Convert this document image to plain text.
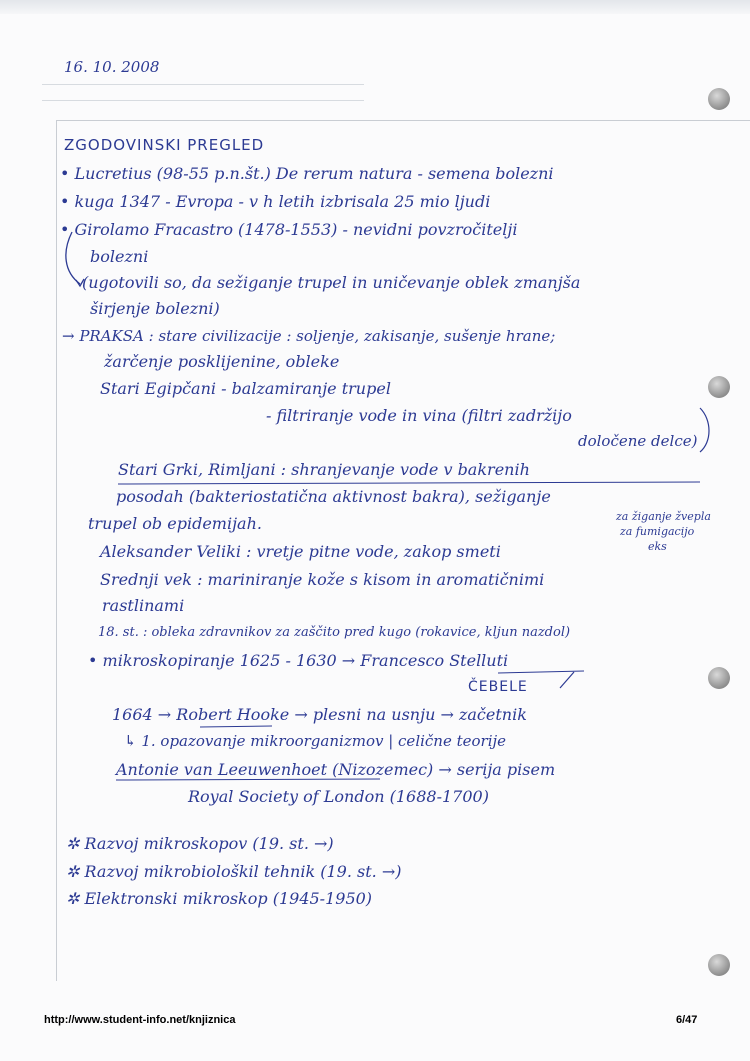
16. 10. 2008
ZGODOVINSKI PREGLED
• Lucretius (98-55 p.n.št.) De rerum natura - semena bolezni
• kuga 1347 - Evropa - v h letih izbrisala 25 mio ljudi
• Girolamo Fracastro (1478-1553) - nevidni povzročitelji
bolezni
(ugotovili so, da sežiganje trupel in uničevanje oblek zmanjša
širjenje bolezni)
→ PRAKSA : stare civilizacije : soljenje, zakisanje, sušenje hrane;
žarčenje posklijenine, obleke
Stari Egipčani - balzamiranje trupel
- filtriranje vode in vina (filtri zadržijo
določene delce)
Stari Grki, Rimljani : shranjevanje vode v bakrenih
posodah (bakteriostatična aktivnost bakra), sežiganje
trupel ob epidemijah.	za žiganje žvepla
za fumigacijo
eks
Aleksander Veliki : vretje pitne vode, zakop smeti
Srednji vek : mariniranje kože s kisom in aromatičnimi
rastlinami
18. st. : obleka zdravnikov za zaščito pred kugo (rokavice, kljun nazdol)
• mikroskopiranje 1625 - 1630 → Francesco Stelluti
ČEBELE
1664 → Robert Hooke → plesni na usnju → začetnik
↳ 1. opazovanje mikroorganizmov | celične teorije
Antonie van Leeuwenhoet (Nizozemec) → serija pisem
Royal Society of London (1688-1700)
✲ Razvoj mikroskopov (19. st. →)
✲ Razvoj mikrobiološkil tehnik (19. st. →)
✲ Elektronski mikroskop (1945-1950)
http://www.student-info.net/knjiznica	6/47
